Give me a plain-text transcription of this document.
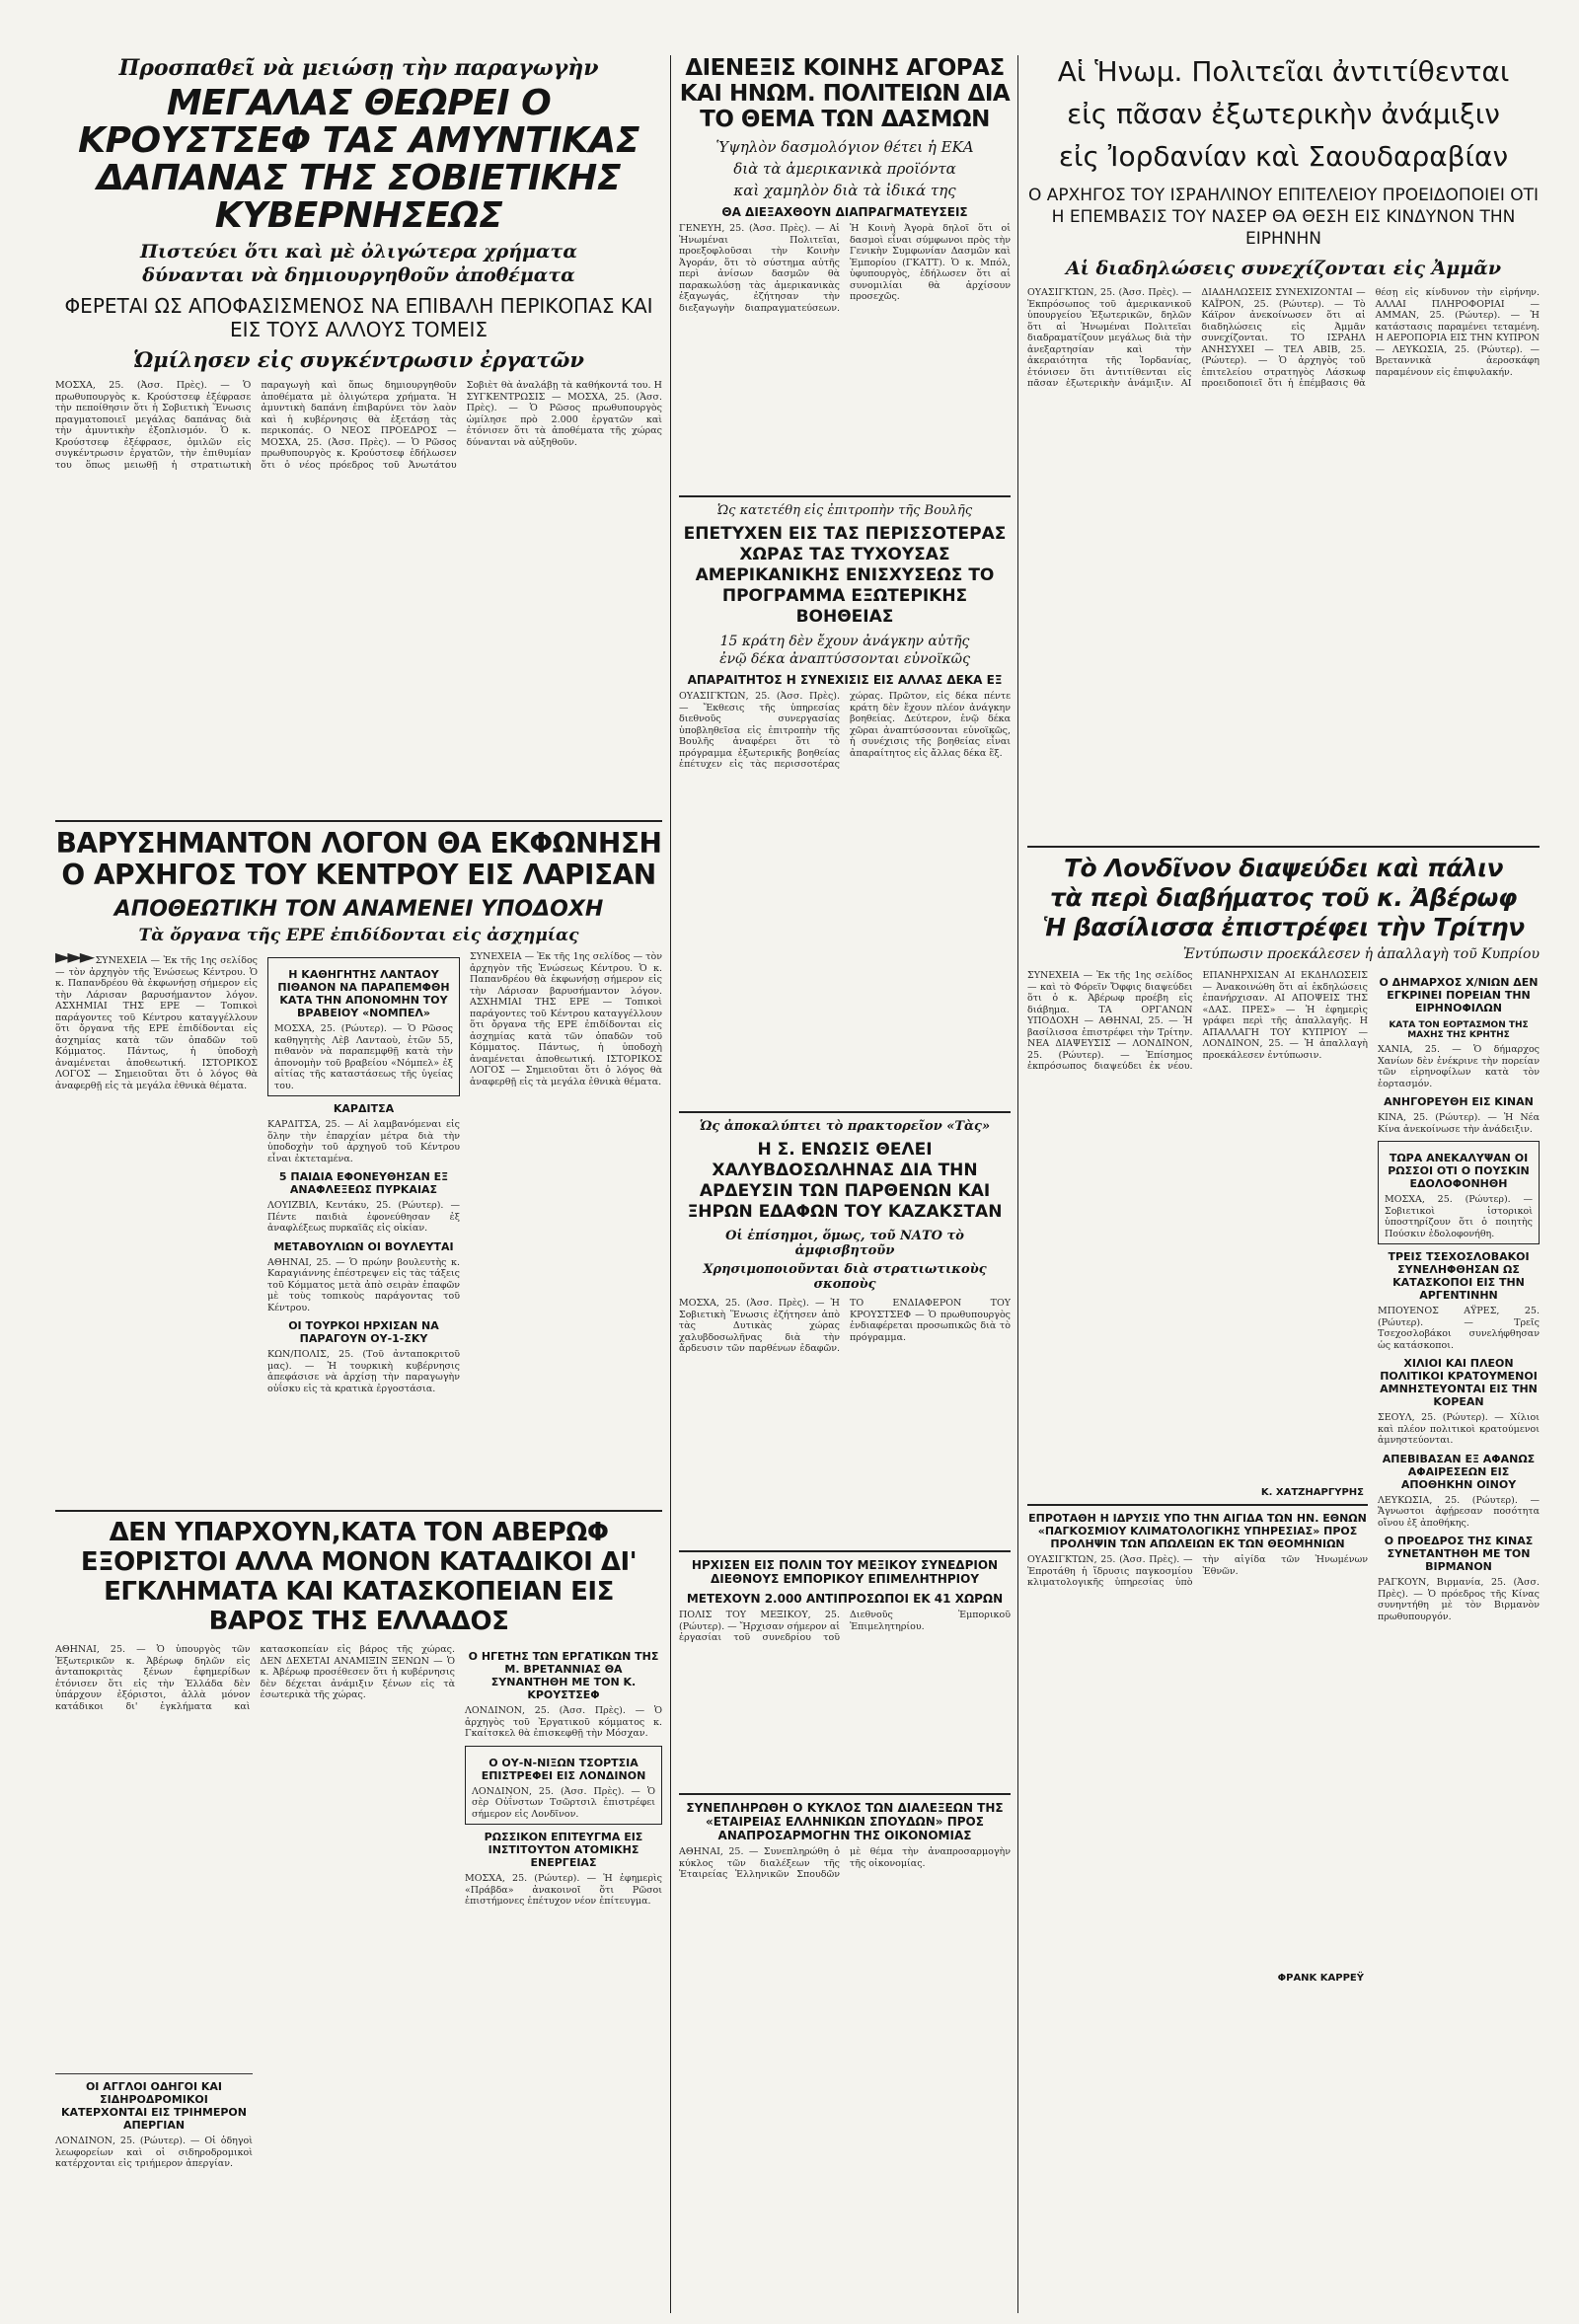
Προσπαθεῖ νὰ μειώσῃ τὴν παραγωγὴν
ΜΕΓΑΛΑΣ ΘΕΩΡΕΙ Ο ΚΡΟΥΣΤΣΕΦ ΤΑΣ ΑΜΥΝΤΙΚΑΣ ΔΑΠΑΝΑΣ ΤΗΣ ΣΟΒΙΕΤΙΚΗΣ ΚΥΒΕΡΝΗΣΕΩΣ
Πιστεύει ὅτι καὶ μὲ ὀλιγώτερα χρήματα
δύνανται νὰ δημιουργηθοῦν ἀποθέματα
ΦΕΡΕΤΑΙ ΩΣ ΑΠΟΦΑΣΙΣΜΕΝΟΣ ΝΑ ΕΠΙΒΑΛΗ ΠΕΡΙΚΟΠΑΣ ΚΑΙ ΕΙΣ ΤΟΥΣ ΑΛΛΟΥΣ ΤΟΜΕΙΣ
Ὡμίλησεν εἰς συγκέντρωσιν ἐργατῶν
ΜΟΣΧΑ, 25. (Ἀσσ. Πρὲς). — Ὁ πρωθυπουργὸς κ. Κρούστσεφ ἐξέφρασε τὴν πεποίθησιν ὅτι ἡ Σοβιετικὴ Ἕνωσις πραγματοποιεῖ μεγάλας δαπάνας διὰ τὴν ἀμυντικὴν ἐξοπλισμόν. Ὁ κ. Κρούστσεφ ἐξέφρασε, ὁμιλῶν εἰς συγκέντρωσιν ἐργατῶν, τὴν ἐπιθυμίαν του ὅπως μειωθῇ ἡ στρατιωτικὴ παραγωγὴ καὶ ὅπως δημιουργηθοῦν ἀποθέματα μὲ ὀλιγώτερα χρήματα. Ἡ ἀμυντικὴ δαπάνη ἐπιβαρύνει τὸν λαὸν καὶ ἡ κυβέρνησις θὰ ἐξετάσῃ τὰς περικοπάς. Ο ΝΕΟΣ ΠΡΟΕΔΡΟΣ — ΜΟΣΧΑ, 25. (Ἀσσ. Πρὲς). — Ὁ Ρῶσος πρωθυπουργὸς κ. Κρούστσεφ ἐδήλωσεν ὅτι ὁ νέος πρόεδρος τοῦ Ἀνωτάτου Σοβιὲτ θὰ ἀναλάβῃ τὰ καθήκοντά του. Η ΣΥΓΚΕΝΤΡΩΣΙΣ — ΜΟΣΧΑ, 25. (Ἀσσ. Πρὲς). — Ὁ Ρῶσος πρωθυπουργὸς ὡμίλησε πρὸ 2.000 ἐργατῶν καὶ ἐτόνισεν ὅτι τὰ ἀποθέματα τῆς χώρας δύνανται νὰ αὐξηθοῦν.
ΒΑΡΥΣΗΜΑΝΤΟΝ ΛΟΓΟΝ ΘΑ ΕΚΦΩΝΗΣΗ Ο ΑΡΧΗΓΟΣ ΤΟΥ ΚΕΝΤΡΟΥ ΕΙΣ ΛΑΡΙΣΑΝ
ΑΠΟΘΕΩΤΙΚΗ ΤΟΝ ΑΝΑΜΕΝΕΙ ΥΠΟΔΟΧΗ
Τὰ ὄργανα τῆς ΕΡΕ ἐπιδίδονται εἰς ἀσχημίας
►►► ΣΥΝΕΧΕΙΑ — Ἐκ τῆς 1ης σελίδος — τὸν ἀρχηγὸν τῆς Ἑνώσεως Κέντρου. Ὁ κ. Παπανδρέου θὰ ἐκφωνήσῃ σήμερον εἰς τὴν Λάρισαν βαρυσήμαντον λόγον. ΑΣΧΗΜΙΑΙ ΤΗΣ ΕΡΕ — Τοπικοὶ παράγοντες τοῦ Κέντρου καταγγέλλουν ὅτι ὄργανα τῆς ΕΡΕ ἐπιδίδονται εἰς ἀσχημίας κατὰ τῶν ὀπαδῶν τοῦ Κόμματος. Πάντως, ἡ ὑποδοχὴ ἀναμένεται ἀποθεωτική. ΙΣΤΟΡΙΚΟΣ ΛΟΓΟΣ — Σημειοῦται ὅτι ὁ λόγος θὰ ἀναφερθῇ εἰς τὰ μεγάλα ἐθνικὰ θέματα.
Η ΚΑΘΗΓΗΤΗΣ ΛΑΝΤΑΟΥ ΠΙΘΑΝΟΝ ΝΑ ΠΑΡΑΠΕΜΦΘΗ ΚΑΤΑ ΤΗΝ ΑΠΟΝΟΜΗΝ ΤΟΥ ΒΡΑΒΕΙΟΥ «ΝΟΜΠΕΛ»
ΜΟΣΧΑ, 25. (Ρώυτερ). — Ὁ Ρῶσος καθηγητὴς Λὲβ Λανταοὺ, ἐτῶν 55, πιθανὸν νὰ παραπεμφθῇ κατὰ τὴν ἀπονομὴν τοῦ βραβείου «Νόμπελ» ἐξ αἰτίας τῆς καταστάσεως τῆς ὑγείας του.
ΚΑΡΔΙΤΣΑ
ΚΑΡΔΙΤΣΑ, 25. — Αἱ λαμβανόμεναι εἰς ὅλην τὴν ἐπαρχίαν μέτρα διὰ τὴν ὑποδοχὴν τοῦ ἀρχηγοῦ τοῦ Κέντρου εἶναι ἐκτεταμένα.
5 ΠΑΙΔΙΑ ΕΦΟΝΕΥΘΗΣΑΝ ΕΞ ΑΝΑΦΛΕΞΕΩΣ ΠΥΡΚΑΙΑΣ
ΛΟΥΙΖΒΙΛ, Κεντάκυ, 25. (Ρώυτερ). — Πέντε παιδιὰ ἐφονεύθησαν ἐξ ἀναφλέξεως πυρκαϊᾶς εἰς οἰκίαν.
ΜΕΤΑΒΟΥΛΙΩΝ ΟΙ ΒΟΥΛΕΥΤΑΙ
ΑΘΗΝΑΙ, 25. — Ὁ πρώην βουλευτὴς κ. Καραγιάννης ἐπέστρεψεν εἰς τὰς τάξεις τοῦ Κόμματος μετὰ ἀπὸ σειρὰν ἐπαφῶν μὲ τοὺς τοπικοὺς παράγοντας τοῦ Κέντρου.
ΟΙ ΤΟΥΡΚΟΙ ΗΡΧΙΣΑΝ ΝΑ ΠΑΡΑΓΟΥΝ ΟΥ-1-ΣΚΥ
ΚΩΝ/ΠΟΛΙΣ, 25. (Τοῦ ἀνταποκριτοῦ μας). — Ἡ τουρκικὴ κυβέρνησις ἀπεφάσισε νὰ ἀρχίσῃ τὴν παραγωγὴν οὐΐσκυ εἰς τὰ κρατικὰ ἐργοστάσια.
ΣΥΝΕΧΕΙΑ — Ἐκ τῆς 1ης σελίδος — τὸν ἀρχηγὸν τῆς Ἑνώσεως Κέντρου. Ὁ κ. Παπανδρέου θὰ ἐκφωνήσῃ σήμερον εἰς τὴν Λάρισαν βαρυσήμαντον λόγον. ΑΣΧΗΜΙΑΙ ΤΗΣ ΕΡΕ — Τοπικοὶ παράγοντες τοῦ Κέντρου καταγγέλλουν ὅτι ὄργανα τῆς ΕΡΕ ἐπιδίδονται εἰς ἀσχημίας κατὰ τῶν ὀπαδῶν τοῦ Κόμματος. Πάντως, ἡ ὑποδοχὴ ἀναμένεται ἀποθεωτική. ΙΣΤΟΡΙΚΟΣ ΛΟΓΟΣ — Σημειοῦται ὅτι ὁ λόγος θὰ ἀναφερθῇ εἰς τὰ μεγάλα ἐθνικὰ θέματα.
ΔΕΝ ΥΠΑΡΧΟΥΝ,ΚΑΤΑ ΤΟΝ ΑΒΕΡΩΦ ΕΞΟΡΙΣΤΟΙ ΑΛΛΑ ΜΟΝΟΝ ΚΑΤΑΔΙΚΟΙ ΔΙ' ΕΓΚΛΗΜΑΤΑ ΚΑΙ ΚΑΤΑΣΚΟΠΕΙΑΝ ΕΙΣ ΒΑΡΟΣ ΤΗΣ ΕΛΛΑΔΟΣ
ΑΘΗΝΑΙ, 25. — Ὁ ὑπουργὸς τῶν Ἐξωτερικῶν κ. Ἀβέρωφ δηλῶν εἰς ἀνταποκριτὰς ξένων ἐφημερίδων ἐτόνισεν ὅτι εἰς τὴν Ἑλλάδα δὲν ὑπάρχουν ἐξόριστοι, ἀλλὰ μόνον κατάδικοι δι' ἐγκλήματα καὶ κατασκοπείαν εἰς βάρος τῆς χώρας. ΔΕΝ ΔΕΧΕΤΑΙ ΑΝΑΜΙΞΙΝ ΞΕΝΩΝ — Ὁ κ. Ἀβέρωφ προσέθεσεν ὅτι ἡ κυβέρνησις δὲν δέχεται ἀνάμιξιν ξένων εἰς τὰ ἐσωτερικὰ τῆς χώρας.
Ο ΗΓΕΤΗΣ ΤΩΝ ΕΡΓΑΤΙΚΩΝ ΤΗΣ Μ. ΒΡΕΤΑΝΝΙΑΣ ΘΑ ΣΥΝΑΝΤΗΘΗ ΜΕ ΤΟΝ Κ. ΚΡΟΥΣΤΣΕΦ
ΛΟΝΔΙΝΟΝ, 25. (Ἀσσ. Πρὲς). — Ὁ ἀρχηγὸς τοῦ Ἐργατικοῦ κόμματος κ. Γκαίτσκελ θὰ ἐπισκεφθῇ τὴν Μόσχαν.
Ο ΟΥ-Ν-ΝΙΞΩΝ ΤΣΟΡΤΣΙΑ ΕΠΙΣΤΡΕΦΕΙ ΕΙΣ ΛΟΝΔΙΝΟΝ
ΛΟΝΔΙΝΟΝ, 25. (Ἀσσ. Πρὲς). — Ὁ σὲρ Οὐΐνστων Τσῶρτσιλ ἐπιστρέφει σήμερον εἰς Λονδῖνον.
ΡΩΣΣΙΚΟΝ ΕΠΙΤΕΥΓΜΑ ΕΙΣ ΙΝΣΤΙΤΟΥΤΟΝ ΑΤΟΜΙΚΗΣ ΕΝΕΡΓΕΙΑΣ
ΜΟΣΧΑ, 25. (Ρώυτερ). — Ἡ ἐφημερὶς «Πράβδα» ἀνακοινοῖ ὅτι Ρῶσοι ἐπιστήμονες ἐπέτυχον νέον ἐπίτευγμα.
ΟΙ ΑΓΓΛΟΙ ΟΔΗΓΟΙ ΚΑΙ ΣΙΔΗΡΟΔΡΟΜΙΚΟΙ ΚΑΤΕΡΧΟΝΤΑΙ ΕΙΣ ΤΡΙΗΜΕΡΟΝ ΑΠΕΡΓΙΑΝ
ΛΟΝΔΙΝΟΝ, 25. (Ρώυτερ). — Οἱ ὁδηγοὶ λεωφορείων καὶ οἱ σιδηροδρομικοὶ κατέρχονται εἰς τριήμερον ἀπεργίαν.
ΔΙΕΝΕΞΙΣ ΚΟΙΝΗΣ ΑΓΟΡΑΣ ΚΑΙ ΗΝΩΜ. ΠΟΛΙΤΕΙΩΝ ΔΙΑ ΤΟ ΘΕΜΑ ΤΩΝ ΔΑΣΜΩΝ
Ὑψηλὸν δασμολόγιον θέτει ἡ ΕΚΑ
διὰ τὰ ἀμερικανικὰ προϊόντα
καὶ χαμηλὸν διὰ τὰ ἰδικά της
ΘΑ ΔΙΕΞΑΧΘΟΥΝ ΔΙΑΠΡΑΓΜΑΤΕΥΣΕΙΣ
ΓΕΝΕΥΗ, 25. (Ἀσσ. Πρὲς). — Αἱ Ἡνωμέναι Πολιτεῖαι, προεξοφλοῦσαι τὴν Κοινὴν Ἀγοράν, ὅτι τὸ σύστημα αὐτῆς περὶ ἀνίσων δασμῶν θὰ παρακωλύσῃ τὰς ἀμερικανικὰς ἐξαγωγάς, ἐζήτησαν τὴν διεξαγωγὴν διαπραγματεύσεων. Ἡ Κοινὴ Ἀγορὰ δηλοῖ ὅτι οἱ δασμοὶ εἶναι σύμφωνοι πρὸς τὴν Γενικὴν Συμφωνίαν Δασμῶν καὶ Ἐμπορίου (ΓΚΑΤΤ). Ὁ κ. Μπόλ, ὑφυπουργὸς, ἐδήλωσεν ὅτι αἱ συνομιλίαι θὰ ἀρχίσουν προσεχῶς.
Ὡς κατετέθη εἰς ἐπιτροπὴν τῆς Βουλῆς
ΕΠΕΤΥΧΕΝ ΕΙΣ ΤΑΣ ΠΕΡΙΣΣΟΤΕΡΑΣ ΧΩΡΑΣ ΤΑΣ ΤΥΧΟΥΣΑΣ ΑΜΕΡΙΚΑΝΙΚΗΣ ΕΝΙΣΧΥΣΕΩΣ ΤΟ ΠΡΟΓΡΑΜΜΑ ΕΞΩΤΕΡΙΚΗΣ ΒΟΗΘΕΙΑΣ
15 κράτη δὲν ἔχουν ἀνάγκην αὐτῆς
ἐνῷ δέκα ἀναπτύσσονται εὐνοϊκῶς
ΑΠΑΡΑΙΤΗΤΟΣ Η ΣΥΝΕΧΙΣΙΣ ΕΙΣ ΑΛΛΑΣ ΔΕΚΑ ΕΞ
ΟΥΑΣΙΓΚΤΩΝ, 25. (Ἀσσ. Πρὲς). — Ἔκθεσις τῆς ὑπηρεσίας διεθνοῦς συνεργασίας ὑποβληθεῖσα εἰς ἐπιτροπὴν τῆς Βουλῆς ἀναφέρει ὅτι τὸ πρόγραμμα ἐξωτερικῆς βοηθείας ἐπέτυχεν εἰς τὰς περισσοτέρας χώρας. Πρῶτον, εἰς δέκα πέντε κράτη δὲν ἔχουν πλέον ἀνάγκην βοηθείας. Δεύτερον, ἐνῷ δέκα χῶραι ἀναπτύσσονται εὐνοϊκῶς, ἡ συνέχισις τῆς βοηθείας εἶναι ἀπαραίτητος εἰς ἄλλας δέκα ἕξ.
Ὡς ἀποκαλύπτει τὸ πρακτορεῖον «Τὰς»
Η Σ. ΕΝΩΣΙΣ ΘΕΛΕΙ ΧΑΛΥΒΔΟΣΩΛΗΝΑΣ ΔΙΑ ΤΗΝ ΑΡΔΕΥΣΙΝ ΤΩΝ ΠΑΡΘΕΝΩΝ ΚΑΙ ΞΗΡΩΝ ΕΔΑΦΩΝ ΤΟΥ ΚΑΖΑΚΣΤΑΝ
Οἱ ἐπίσημοι, ὅμως, τοῦ ΝΑΤΟ τὸ ἀμφισβητοῦν
Χρησιμοποιοῦνται διὰ στρατιωτικοὺς σκοποὺς
ΜΟΣΧΑ, 25. (Ἀσσ. Πρὲς). — Ἡ Σοβιετικὴ Ἕνωσις ἐζήτησεν ἀπὸ τὰς Δυτικὰς χώρας χαλυβδοσωλῆνας διὰ τὴν ἄρδευσιν τῶν παρθένων ἐδαφῶν. ΤΟ ΕΝΔΙΑΦΕΡΟΝ ΤΟΥ ΚΡΟΥΣΤΣΕΦ — Ὁ πρωθυπουργὸς ἐνδιαφέρεται προσωπικῶς διὰ τὸ πρόγραμμα.
ΗΡΧΙΣΕΝ ΕΙΣ ΠΟΛΙΝ ΤΟΥ ΜΕΞΙΚΟΥ ΣΥΝΕΔΡΙΟΝ ΔΙΕΘΝΟΥΣ ΕΜΠΟΡΙΚΟΥ ΕΠΙΜΕΛΗΤΗΡΙΟΥ
ΜΕΤΕΧΟΥΝ 2.000 ΑΝΤΙΠΡΟΣΩΠΟΙ ΕΚ 41 ΧΩΡΩΝ
ΠΟΛΙΣ ΤΟΥ ΜΕΞΙΚΟΥ, 25. (Ρώυτερ). — Ἤρχισαν σήμερον αἱ ἐργασίαι τοῦ συνεδρίου τοῦ Διεθνοῦς Ἐμπορικοῦ Ἐπιμελητηρίου.
ΣΥΝΕΠΛΗΡΩΘΗ Ο ΚΥΚΛΟΣ ΤΩΝ ΔΙΑΛΕΞΕΩΝ ΤΗΣ «ΕΤΑΙΡΕΙΑΣ ΕΛΛΗΝΙΚΩΝ ΣΠΟΥΔΩΝ» ΠΡΟΣ ΑΝΑΠΡΟΣΑΡΜΟΓΗΝ ΤΗΣ ΟΙΚΟΝΟΜΙΑΣ
ΑΘΗΝΑΙ, 25. — Συνεπληρώθη ὁ κύκλος τῶν διαλέξεων τῆς Ἑταιρείας Ἑλληνικῶν Σπουδῶν μὲ θέμα τὴν ἀναπροσαρμογὴν τῆς οἰκονομίας.
Αἱ Ἡνωμ. Πολιτεῖαι ἀντιτίθενται
εἰς πᾶσαν ἐξωτερικὴν ἀνάμιξιν
εἰς Ἰορδανίαν καὶ Σαουδαραβίαν
Ο ΑΡΧΗΓΟΣ ΤΟΥ ΙΣΡΑΗΛΙΝΟΥ ΕΠΙΤΕΛΕΙΟΥ ΠΡΟΕΙΔΟΠΟΙΕΙ ΟΤΙ Η ΕΠΕΜΒΑΣΙΣ ΤΟΥ ΝΑΣΕΡ ΘΑ ΘΕΣΗ ΕΙΣ ΚΙΝΔΥΝΟΝ ΤΗΝ ΕΙΡΗΝΗΝ
Αἱ διαδηλώσεις συνεχίζονται εἰς Ἀμμᾶν
ΟΥΑΣΙΓΚΤΩΝ, 25. (Ἀσσ. Πρὲς). — Ἐκπρόσωπος τοῦ ἀμερικανικοῦ ὑπουργείου Ἐξωτερικῶν, δηλῶν ὅτι αἱ Ἡνωμέναι Πολιτεῖαι διαδραματίζουν μεγάλως διὰ τὴν ἀνεξαρτησίαν καὶ τὴν ἀκεραιότητα τῆς Ἰορδανίας, ἐτόνισεν ὅτι ἀντιτίθενται εἰς πᾶσαν ἐξωτερικὴν ἀνάμιξιν. ΑΙ ΔΙΑΔΗΛΩΣΕΙΣ ΣΥΝΕΧΙΖΟΝΤΑΙ — ΚΑΪΡΟΝ, 25. (Ρώυτερ). — Τὸ Κάϊρον ἀνεκοίνωσεν ὅτι αἱ διαδηλώσεις εἰς Ἀμμᾶν συνεχίζονται. ΤΟ ΙΣΡΑΗΛ ΑΝΗΣΥΧΕΙ — ΤΕΛ ΑΒΙΒ, 25. (Ρώυτερ). — Ὁ ἀρχηγὸς τοῦ ἐπιτελείου στρατηγὸς Λάσκωφ προειδοποιεῖ ὅτι ἡ ἐπέμβασις θὰ θέσῃ εἰς κίνδυνον τὴν εἰρήνην. ΑΛΛΑΙ ΠΛΗΡΟΦΟΡΙΑΙ — ΑΜΜΑΝ, 25. (Ρώυτερ). — Ἡ κατάστασις παραμένει τεταμένη. Η ΑΕΡΟΠΟΡΙΑ ΕΙΣ ΤΗΝ ΚΥΠΡΟΝ — ΛΕΥΚΩΣΙΑ, 25. (Ρώυτερ). — Βρεταννικὰ ἀεροσκάφη παραμένουν εἰς ἐπιφυλακήν.
Τὸ Λονδῖνον διαψεύδει καὶ πάλιν
τὰ περὶ διαβήματος τοῦ κ. Ἀβέρωφ
Ἡ βασίλισσα ἐπιστρέφει τὴν Τρίτην
Ἐντύπωσιν προεκάλεσεν ἡ ἀπαλλαγὴ τοῦ Κυπρίου
ΣΥΝΕΧΕΙΑ — Ἐκ τῆς 1ης σελίδος — καὶ τὸ Φόρεϊν Ὄφφις διαψεύδει ὅτι ὁ κ. Ἀβέρωφ προέβη εἰς διάβημα. ΤΑ ΟΡΓΑΝΩΝ ΥΠΟΔΟΧΗ — ΑΘΗΝΑΙ, 25. — Ἡ βασίλισσα ἐπιστρέφει τὴν Τρίτην. ΝΕΑ ΔΙΑΨΕΥΣΙΣ — ΛΟΝΔΙΝΟΝ, 25. (Ρώυτερ). — Ἐπίσημος ἐκπρόσωπος διαψεύδει ἐκ νέου. ΕΠΑΝΗΡΧΙΣΑΝ ΑΙ ΕΚΔΗΛΩΣΕΙΣ — Ἀνακοινώθη ὅτι αἱ ἐκδηλώσεις ἐπανήρχισαν. ΑΙ ΑΠΟΨΕΙΣ ΤΗΣ «ΔΑΣ. ΠΡΕΣ» — Ἡ ἐφημερὶς γράφει περὶ τῆς ἀπαλλαγῆς. Η ΑΠΑΛΛΑΓΗ ΤΟΥ ΚΥΠΡΙΟΥ — ΛΟΝΔΙΝΟΝ, 25. — Ἡ ἀπαλλαγὴ προεκάλεσεν ἐντύπωσιν.
Κ. ΧΑΤΖΗΑΡΓΥΡΗΣ
ΕΠΡΟΤΑΘΗ Η ΙΔΡΥΣΙΣ ΥΠΟ ΤΗΝ ΑΙΓΙΔΑ ΤΩΝ ΗΝ. ΕΘΝΩΝ «ΠΑΓΚΟΣΜΙΟΥ ΚΛΙΜΑΤΟΛΟΓΙΚΗΣ ΥΠΗΡΕΣΙΑΣ» ΠΡΟΣ ΠΡΟΛΗΨΙΝ ΤΩΝ ΑΠΩΛΕΙΩΝ ΕΚ ΤΩΝ ΘΕΟΜΗΝΙΩΝ
ΟΥΑΣΙΓΚΤΩΝ, 25. (Ἀσσ. Πρὲς). — Ἐπροτάθη ἡ ἵδρυσις παγκοσμίου κλιματολογικῆς ὑπηρεσίας ὑπὸ τὴν αἰγίδα τῶν Ἡνωμένων Ἐθνῶν.
ΦΡΑΝΚ ΚΑΡΡΕΫ
Ο ΔΗΜΑΡΧΟΣ Χ/ΝΙΩΝ ΔΕΝ ΕΓΚΡΙΝΕΙ ΠΟΡΕΙΑΝ ΤΗΝ ΕΙΡΗΝΟΦΙΛΩΝ
ΚΑΤΑ ΤΟΝ ΕΟΡΤΑΣΜΟΝ ΤΗΣ ΜΑΧΗΣ ΤΗΣ ΚΡΗΤΗΣ
ΧΑΝΙΑ, 25. — Ὁ δήμαρχος Χανίων δὲν ἐνέκρινε τὴν πορείαν τῶν εἰρηνοφίλων κατὰ τὸν ἑορτασμόν.
ΑΝΗΓΟΡΕΥΘΗ ΕΙΣ ΚΙΝΑΝ
ΚΙΝΑ, 25. (Ρώυτερ). — Ἡ Νέα Κίνα ἀνεκοίνωσε τὴν ἀνάδειξιν.
ΤΩΡΑ ΑΝΕΚΑΛΥΨΑΝ ΟΙ ΡΩΣΣΟΙ ΟΤΙ Ο ΠΟΥΣΚΙΝ ΕΔΟΛΟΦΟΝΗΘΗ
ΜΟΣΧΑ, 25. (Ρώυτερ). — Σοβιετικοὶ ἱστορικοὶ ὑποστηρίζουν ὅτι ὁ ποιητὴς Πούσκιν ἐδολοφονήθη.
ΤΡΕΙΣ ΤΣΕΧΟΣΛΟΒΑΚΟΙ ΣΥΝΕΛΗΦΘΗΣΑΝ ΩΣ ΚΑΤΑΣΚΟΠΟΙ ΕΙΣ ΤΗΝ ΑΡΓΕΝΤΙΝΗΝ
ΜΠΟΥΕΝΟΣ ΑΫΡΕΣ, 25. (Ρώυτερ). — Τρεῖς Τσεχοσλοβάκοι συνελήφθησαν ὡς κατάσκοποι.
ΧΙΛΙΟΙ ΚΑΙ ΠΛΕΟΝ ΠΟΛΙΤΙΚΟΙ ΚΡΑΤΟΥΜΕΝΟΙ ΑΜΝΗΣΤΕΥΟΝΤΑΙ ΕΙΣ ΤΗΝ ΚΟΡΕΑΝ
ΣΕΟΥΛ, 25. (Ρώυτερ). — Χίλιοι καὶ πλέον πολιτικοὶ κρατούμενοι ἀμνηστεύονται.
ΑΠΕΒΙΒΑΣΑΝ ΕΞ ΑΦΑΝΩΣ ΑΦΑΙΡΕΣΕΩΝ ΕΙΣ ΑΠΟΘΗΚΗΝ ΟΙΝΟΥ
ΛΕΥΚΩΣΙΑ, 25. (Ρώυτερ). — Ἄγνωστοι ἀφῄρεσαν ποσότητα οἴνου ἐξ ἀποθήκης.
Ο ΠΡΟΕΔΡΟΣ ΤΗΣ ΚΙΝΑΣ ΣΥΝΕΤΑΝΤΗΘΗ ΜΕ ΤΟΝ ΒΙΡΜΑΝΟΝ
ΡΑΓΚΟΥΝ, Βιρμανία, 25. (Ἀσσ. Πρὲς). — Ὁ πρόεδρος τῆς Κίνας συνηντήθη μὲ τὸν Βιρμανὸν πρωθυπουργόν.
